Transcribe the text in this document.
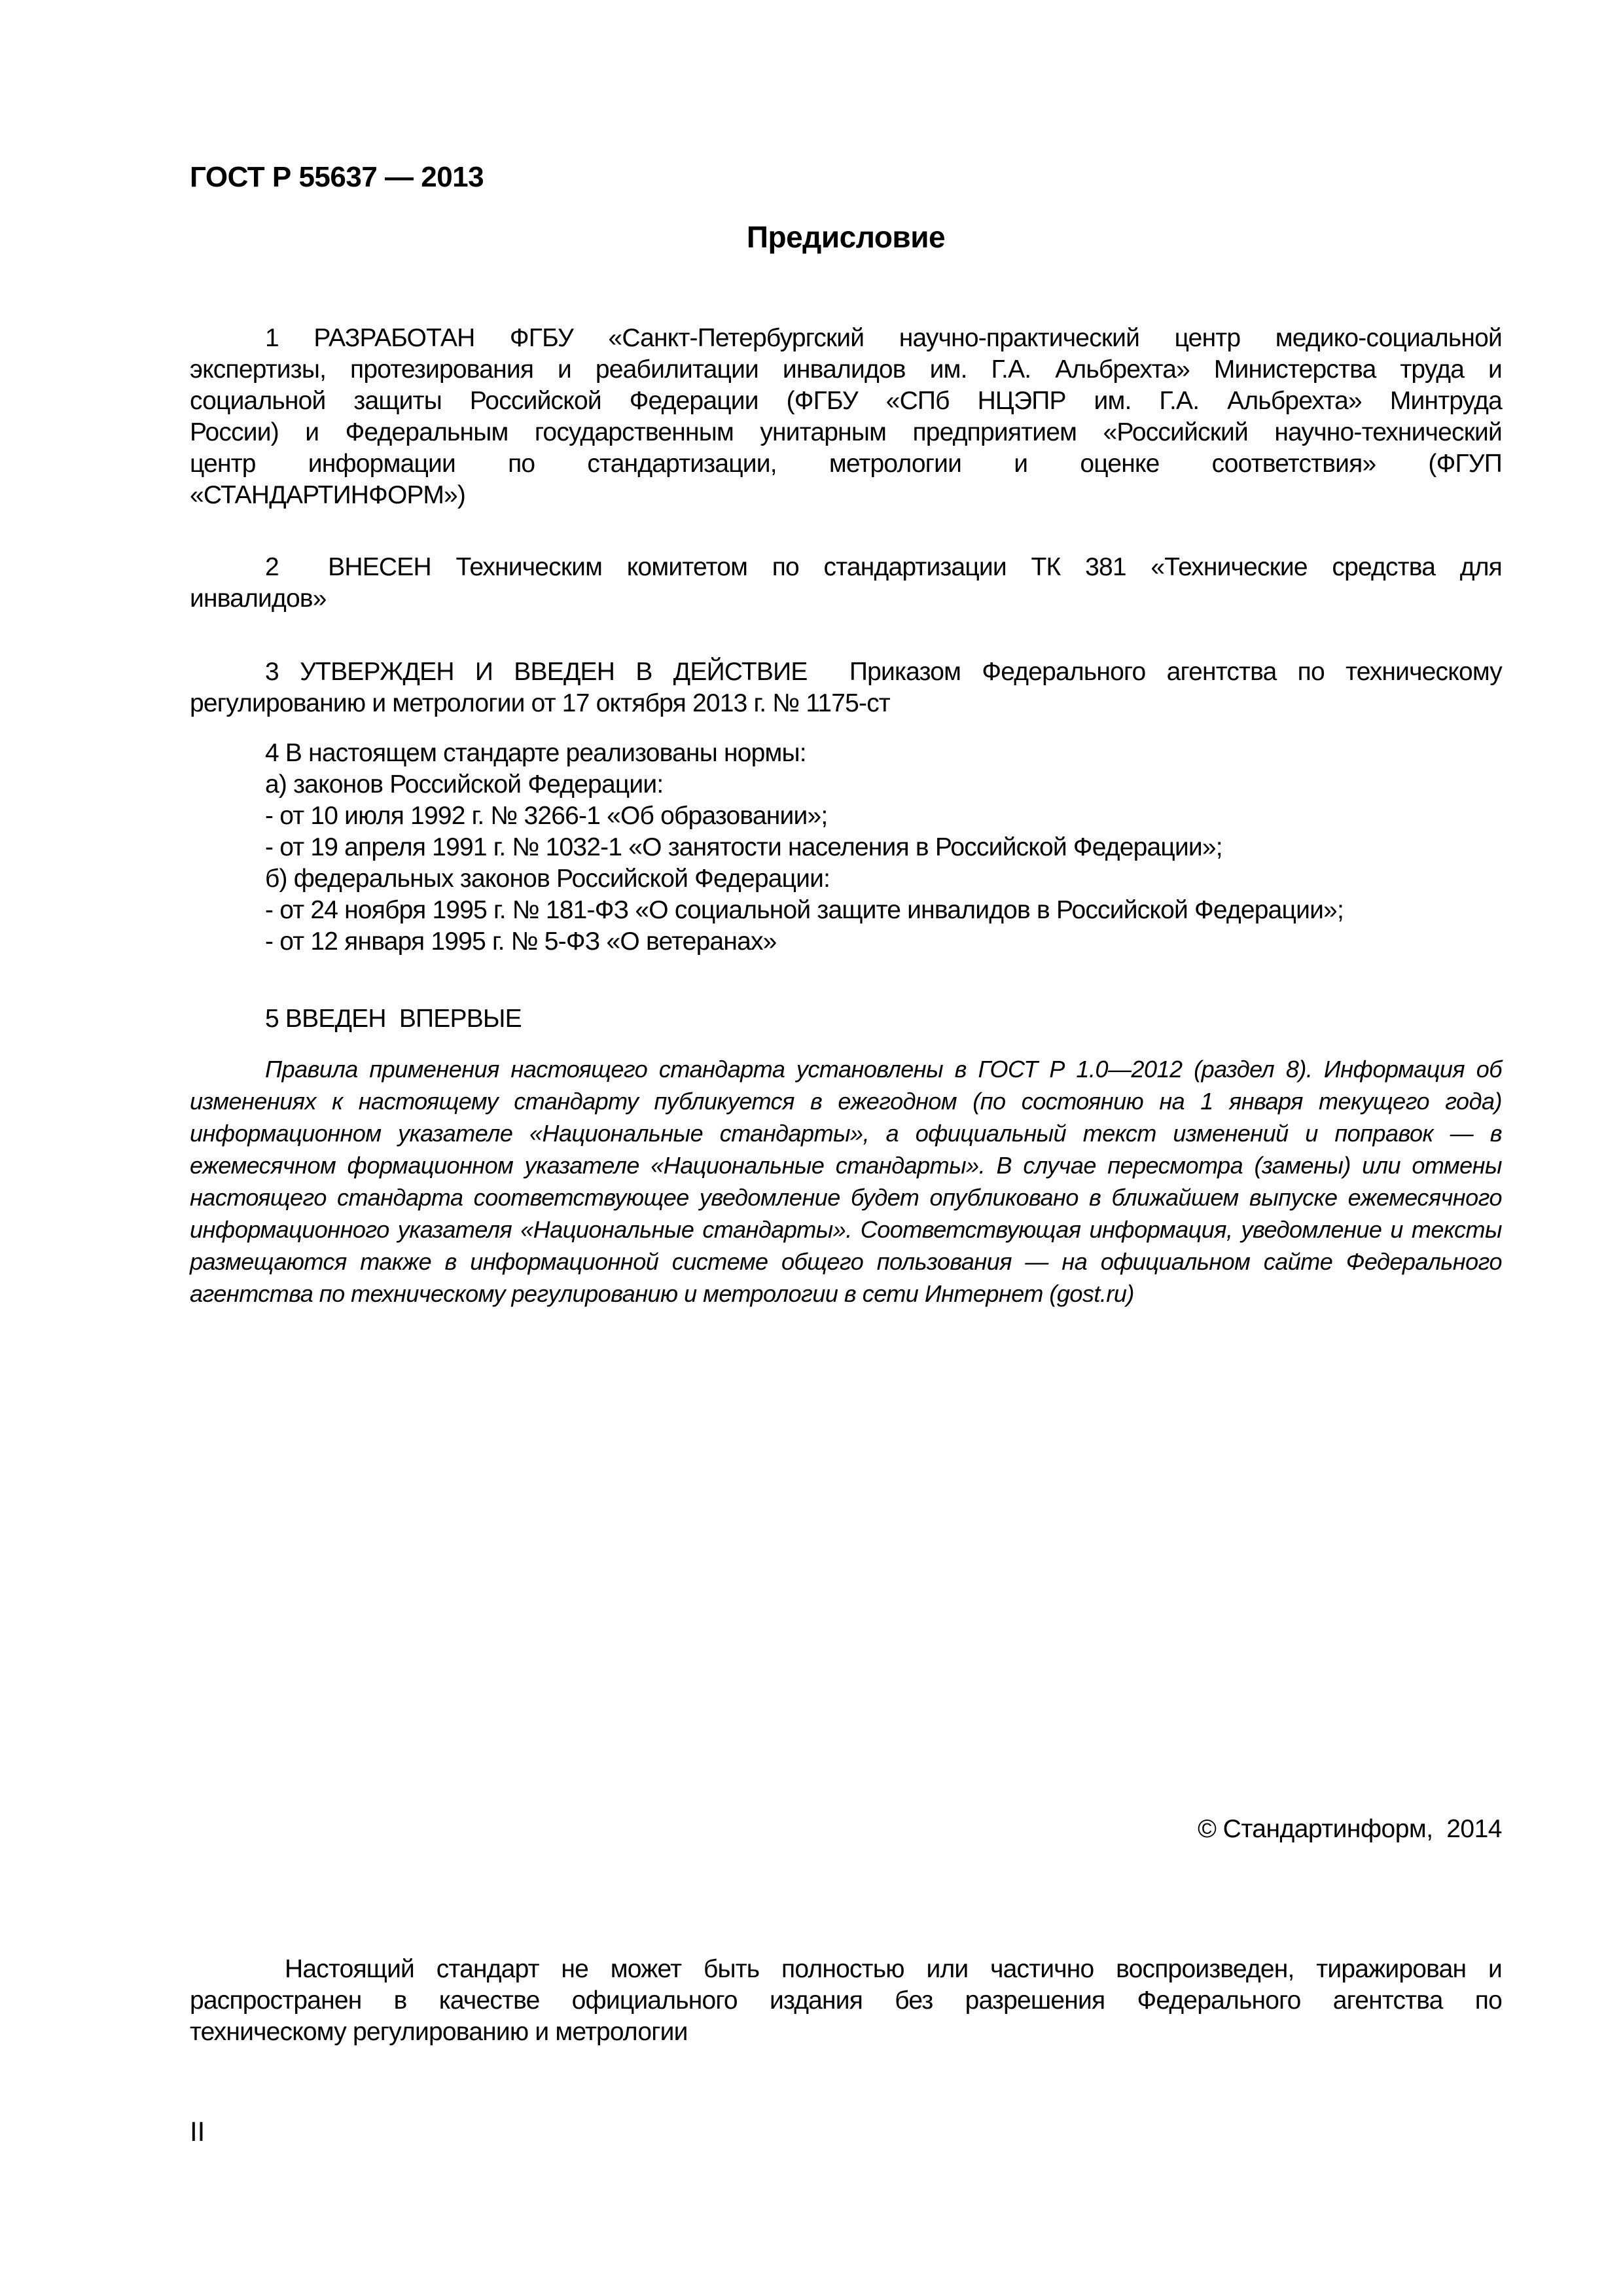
ГОСТ Р 55637 — 2013
Предисловие
1 РАЗРАБОТАН ФГБУ «Санкт-Петербургский научно-практический центр медико-социальной
экспертизы, протезирования и реабилитации инвалидов им. Г.А. Альбрехта» Министерства труда и
социальной защиты Российской Федерации (ФГБУ «СПб НЦЭПР им. Г.А. Альбрехта» Минтруда
России) и Федеральным государственным унитарным предприятием «Российский научно-технический
центр информации по стандартизации, метрологии и оценке соответствия» (ФГУП
«СТАНДАРТИНФОРМ»)
2  ВНЕСЕН Техническим комитетом по стандартизации ТК 381 «Технические средства для
инвалидов»
3 УТВЕРЖДЕН И ВВЕДЕН В ДЕЙСТВИЕ  Приказом Федерального агентства по техническому
регулированию и метрологии от 17 октября 2013 г. № 1175-ст
4 В настоящем стандарте реализованы нормы:
а) законов Российской Федерации:
- от 10 июля 1992 г. № 3266-1 «Об образовании»;
- от 19 апреля 1991 г. № 1032-1 «О занятости населения в Российской Федерации»;
б) федеральных законов Российской Федерации:
- от 24 ноября 1995 г. № 181-ФЗ «О социальной защите инвалидов в Российской Федерации»;
- от 12 января 1995 г. № 5-ФЗ «О ветеранах»
5 ВВЕДЕН  ВПЕРВЫЕ
Правила применения настоящего стандарта установлены в ГОСТ Р 1.0—2012 (раздел 8). Информация об
изменениях к настоящему стандарту публикуется в ежегодном (по состоянию на 1 января текущего года)
информационном указателе «Национальные стандарты», а официальный текст изменений и поправок — в
ежемесячном формационном указателе «Национальные стандарты». В случае пересмотра (замены) или отмены
настоящего стандарта соответствующее уведомление будет опубликовано в ближайшем выпуске ежемесячного
информационного указателя «Национальные стандарты». Соответствующая информация, уведомление и тексты
размещаются также в информационной системе общего пользования — на официальном сайте Федерального
агентства по техническому регулированию и метрологии в сети Интернет (gost.ru)
© Стандартинформ,  2014
Настоящий стандарт не может быть полностью или частично воспроизведен, тиражирован и
распространен в качестве официального издания без разрешения Федерального агентства по
техническому регулированию и метрологии
II
